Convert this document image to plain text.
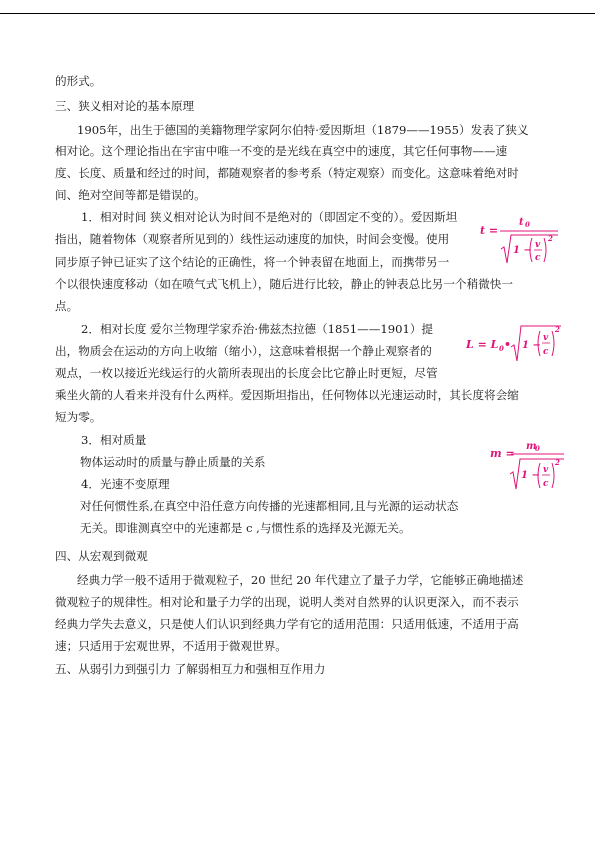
的形式。
三、狭义相对论的基本原理
1905年，出生于德国的美籍物理学家阿尔伯特·爱因斯坦（1879——1955）发表了狭义
相对论。这个理论指出在宇宙中唯一不变的是光线在真空中的速度，其它任何事物——速
度、长度、质量和经过的时间，都随观察者的参考系（特定观察）而变化。这意味着绝对时
间、绝对空间等都是错误的。
1．相对时间 狭义相对论认为时间不是绝对的（即固定不变的）。爱因斯坦
指出，随着物体（观察者所见到的）线性运动速度的加快，时间会变慢。使用
同步原子钟已证实了这个结论的正确性，将一个钟表留在地面上，而携带另一
个以很快速度移动（如在喷气式飞机上），随后进行比较，静止的钟表总比另一个稍微快一
点。
2．相对长度 爱尔兰物理学家乔治·佛兹杰拉德（1851——1901）提
出，物质会在运动的方向上收缩（缩小），这意味着根据一个静止观察者的
观点，一枚以接近光线运行的火箭所表现出的长度会比它静止时更短，尽管
乘坐火箭的人看来并没有什么两样。爱因斯坦指出，任何物体以光速运动时，其长度将会缩
短为零。
3．相对质量
物体运动时的质量与静止质量的关系
4．光速不变原理
对任何惯性系,在真空中沿任意方向传播的光速都相同,且与光源的运动状态
无关。即谁测真空中的光速都是 c ,与惯性系的选择及光源无关。
四、从宏观到微观
经典力学一般不适用于微观粒子，20 世纪 20 年代建立了量子力学，它能够正确地描述
微观粒子的规律性。相对论和量子力学的出现，说明人类对自然界的认识更深入，而不表示
经典力学失去意义，只是使人们认识到经典力学有它的适用范围：只适用低速，不适用于高
速；只适用于宏观世界，不适用于微观世界。
五、从弱引力到强引力 了解弱相互力和强相互作用力
t =
t 0
1 − v
c
2
L = L 0 • 1 −
v
c
2
m =
m
0
1 − v
c
2
